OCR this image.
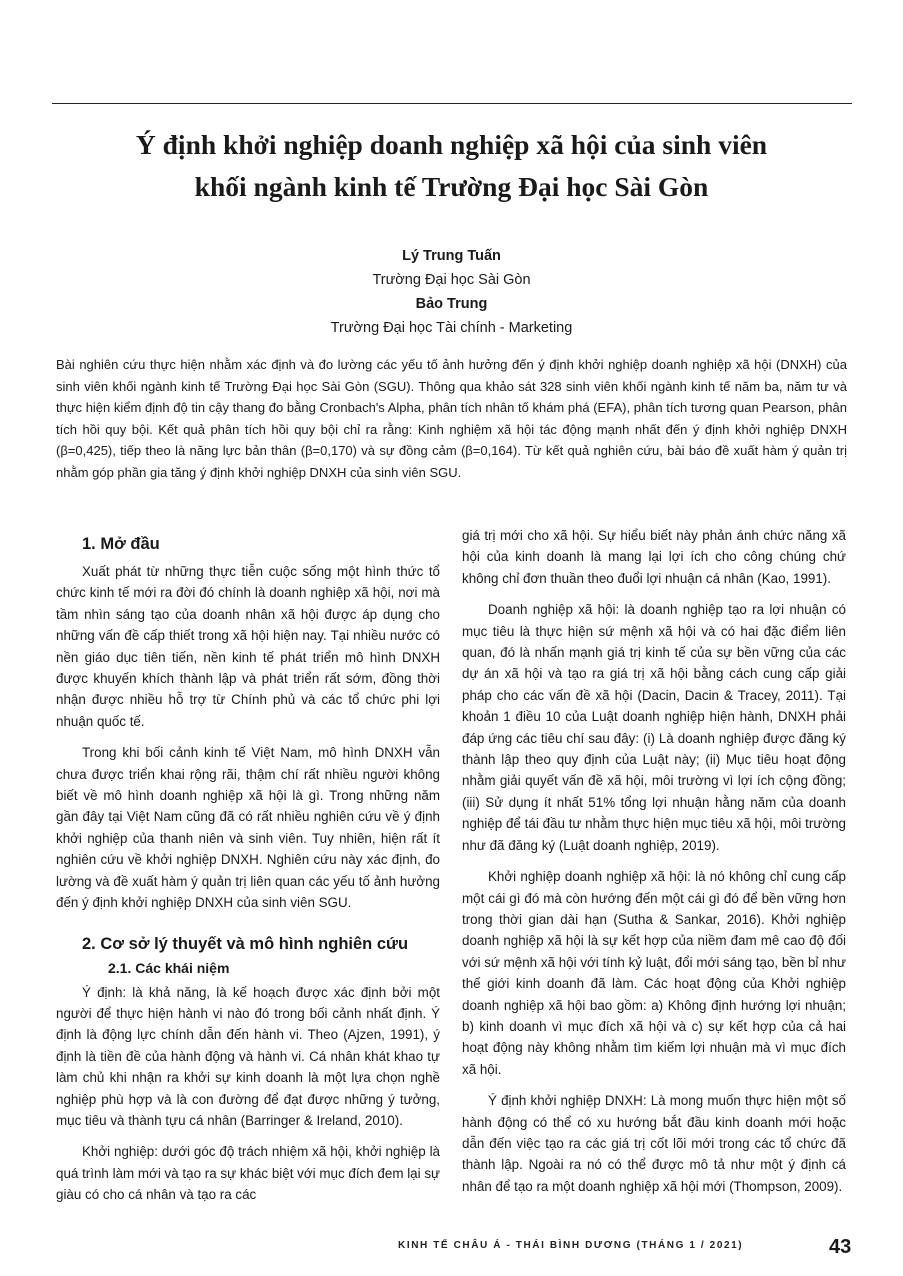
Ý định khởi nghiệp doanh nghiệp xã hội của sinh viên
khối ngành kinh tế Trường Đại học Sài Gòn
Lý Trung Tuấn
Trường Đại học Sài Gòn
Bảo Trung
Trường Đại học Tài chính - Marketing
Bài nghiên cứu thực hiện nhằm xác định và đo lường các yếu tố ảnh hưởng đến ý định khởi nghiệp doanh nghiệp xã hội (DNXH) của sinh viên khối ngành kinh tế Trường Đại học Sài Gòn (SGU). Thông qua khảo sát 328 sinh viên khối ngành kinh tế năm ba, năm tư và thực hiện kiểm định độ tin cậy thang đo bằng Cronbach's Alpha, phân tích nhân tố khám phá (EFA), phân tích tương quan Pearson, phân tích hồi quy bội. Kết quả phân tích hồi quy bội chỉ ra rằng: Kinh nghiệm xã hội tác động mạnh nhất đến ý định khởi nghiệp DNXH (β=0,425), tiếp theo là năng lực bản thân (β=0,170) và sự đồng cảm (β=0,164). Từ kết quả nghiên cứu, bài báo đề xuất hàm ý quản trị nhằm góp phần gia tăng ý định khởi nghiệp DNXH của sinh viên SGU.

1. Mở đầu

Xuất phát từ những thực tiễn cuộc sống một hình thức tổ chức kinh tế mới ra đời đó chính là doanh nghiệp xã hội, nơi mà tầm nhìn sáng tạo của doanh nhân xã hội được áp dụng cho những vấn đề cấp thiết trong xã hội hiện nay. Tại nhiều nước có nền giáo dục tiên tiến, nền kinh tế phát triển mô hình DNXH được khuyến khích thành lập và phát triển rất sớm, đồng thời nhận được nhiều hỗ trợ từ Chính phủ và các tổ chức phi lợi nhuận quốc tế.

Trong khi bối cảnh kinh tế Việt Nam, mô hình DNXH vẫn chưa được triển khai rộng rãi, thậm chí rất nhiều người không biết về mô hình doanh nghiệp xã hội là gì. Trong những năm gần đây tại Việt Nam cũng đã có rất nhiều nghiên cứu về ý định khởi nghiệp của thanh niên và sinh viên. Tuy nhiên, hiện rất ít nghiên cứu về khởi nghiệp DNXH. Nghiên cứu này xác định, đo lường và đề xuất hàm ý quản trị liên quan các yếu tố ảnh hưởng đến ý định khởi nghiệp DNXH của sinh viên SGU.

2. Cơ sở lý thuyết và mô hình nghiên cứu

2.1. Các khái niệm

Ý định: là khả năng, là kế hoạch được xác định bởi một người để thực hiện hành vi nào đó trong bối cảnh nhất định. Ý định là động lực chính dẫn đến hành vi. Theo (Ajzen, 1991), ý định là tiền đề của hành động và hành vi. Cá nhân khát khao tự làm chủ khi nhận ra khởi sự kinh doanh là một lựa chọn nghề nghiệp phù hợp và là con đường để đạt được những ý tưởng, mục tiêu và thành tựu cá nhân (Barringer & Ireland, 2010).

Khởi nghiệp: dưới góc độ trách nhiệm xã hội, khởi nghiệp là quá trình làm mới và tạo ra sự khác biệt với mục đích đem lại sự giàu có cho cá nhân và tạo ra các

giá trị mới cho xã hội. Sự hiểu biết này phản ánh chức năng xã hội của kinh doanh là mang lại lợi ích cho công chúng chứ không chỉ đơn thuần theo đuổi lợi nhuận cá nhân (Kao, 1991).

Doanh nghiệp xã hội: là doanh nghiệp tạo ra lợi nhuận có mục tiêu là thực hiện sứ mệnh xã hội và có hai đặc điểm liên quan, đó là nhấn mạnh giá trị kinh tế của sự bền vững của các dự án xã hội và tạo ra giá trị xã hội bằng cách cung cấp giải pháp cho các vấn đề xã hội (Dacin, Dacin & Tracey, 2011). Tại khoản 1 điều 10 của Luật doanh nghiệp hiện hành, DNXH phải đáp ứng các tiêu chí sau đây: (i) Là doanh nghiệp được đăng ký thành lập theo quy định của Luật này; (ii) Mục tiêu hoạt động nhằm giải quyết vấn đề xã hội, môi trường vì lợi ích cộng đồng; (iii) Sử dụng ít nhất 51% tổng lợi nhuận hằng năm của doanh nghiệp để tái đầu tư nhằm thực hiện mục tiêu xã hội, môi trường như đã đăng ký (Luật doanh nghiệp, 2019).

Khởi nghiệp doanh nghiệp xã hội: là nó không chỉ cung cấp một cái gì đó mà còn hướng đến một cái gì đó để bền vững hơn trong thời gian dài hạn (Sutha & Sankar, 2016). Khởi nghiệp doanh nghiệp xã hội là sự kết hợp của niềm đam mê cao độ đối với sứ mệnh xã hội với tính kỷ luật, đổi mới sáng tạo, bền bỉ như thế giới kinh doanh đã làm. Các hoạt động của Khởi nghiệp doanh nghiệp xã hội bao gồm: a) Không định hướng lợi nhuận; b) kinh doanh vì mục đích xã hội và c) sự kết hợp của cả hai hoạt động này không nhằm tìm kiếm lợi nhuận mà vì mục đích xã hội.

Ý định khởi nghiệp DNXH: Là mong muốn thực hiện một số hành động có thể có xu hướng bắt đầu kinh doanh mới hoặc dẫn đến việc tạo ra các giá trị cốt lõi mới trong các tổ chức đã thành lập. Ngoài ra nó có thể được mô tả như một ý định cá nhân để tạo ra một doanh nghiệp xã hội mới (Thompson, 2009).

KINH TẾ CHÂU Á - THÁI BÌNH DƯƠNG (THÁNG 1 / 2021)	43
